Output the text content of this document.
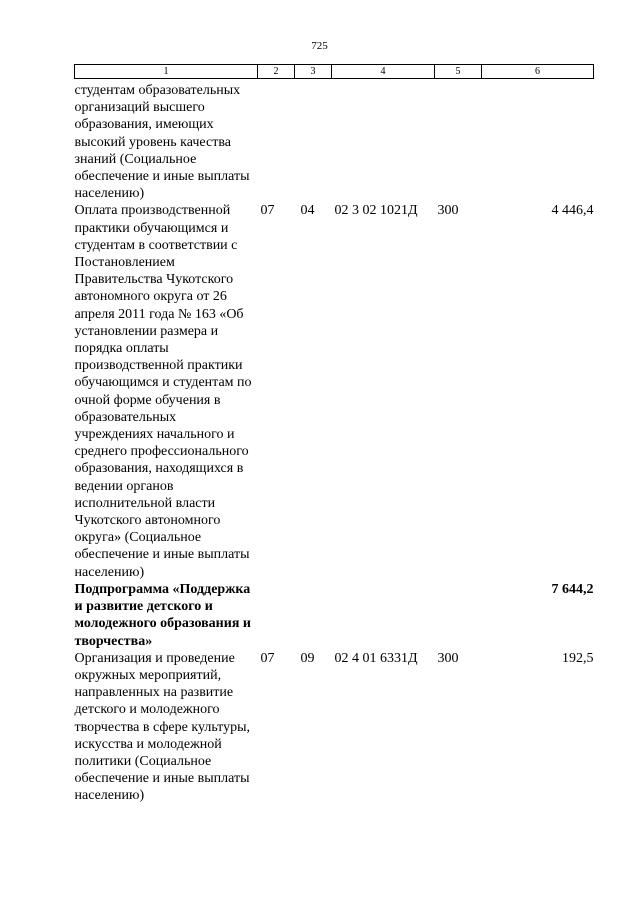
725
1	2	3	4	5	6
студентам образовательных организаций высшего образования, имеющих высокий уровень качества знаний (Социальное обеспечение и иные выплаты населению)					
Оплата производственной практики обучающимся и студентам в соответствии с Постановлением Правительства Чукотского автономного округа от 26 апреля 2011 года № 163 «Об установлении размера и порядка оплаты производственной практики обучающимся и студентам по очной форме обучения в образовательных учреждениях начального и среднего профессионального образования, находящихся в ведении органов исполнительной власти Чукотского автономного округа» (Социальное обеспечение и иные выплаты населению)	07	04	02 3 02 1021Д	300	4 446,4
Подпрограмма «Поддержка и развитие детского и молодежного образования и творчества»					7 644,2
Организация и проведение окружных мероприятий, направленных на развитие детского и молодежного творчества в сфере культуры, искусства и молодежной политики (Социальное обеспечение и иные выплаты населению)	07	09	02 4 01 6331Д	300	192,5
